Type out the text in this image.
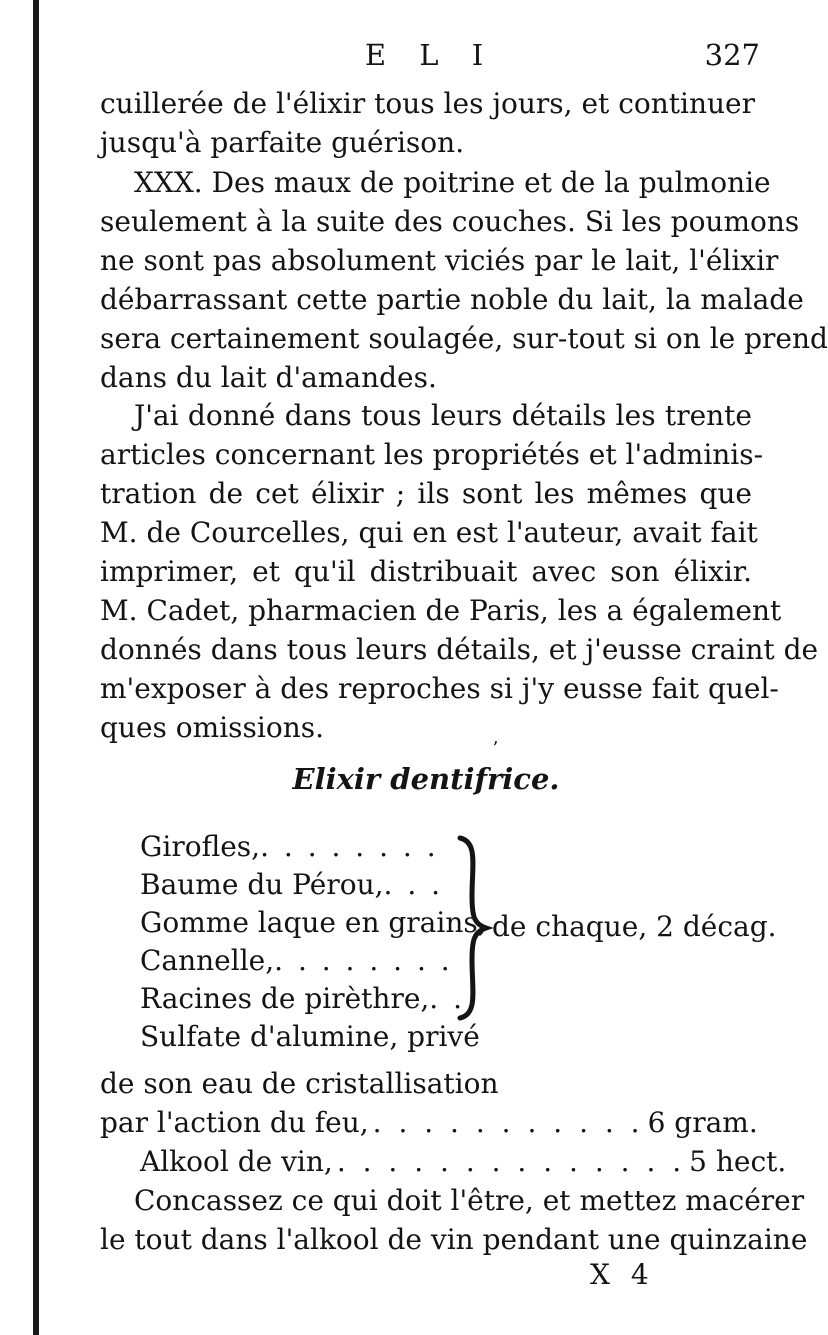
E L I	327
cuillerée de l'élixir tous les jours, et continuer
jusqu'à parfaite guérison.
XXX. Des maux de poitrine et de la pulmonie
seulement à la suite des couches. Si les poumons
ne sont pas absolument viciés par le lait, l'élixir
débarrassant cette partie noble du lait, la malade
sera certainement soulagée, sur-tout si on le prend
dans du lait d'amandes.
J'ai donné dans tous leurs détails les trente
articles concernant les propriétés et l'adminis-
tration de cet élixir ; ils sont les mêmes que
M. de Courcelles, qui en est l'auteur, avait fait
imprimer, et qu'il distribuait avec son élixir.
M. Cadet, pharmacien de Paris, les a également
donnés dans tous leurs détails, et j'eusse craint de
m'exposer à des reproches si j'y eusse fait quel-
ques omissions.
ʼ
Elixir dentifrice.
Girofles, . . . . . . . .
Baume du Pérou, . . .
Gomme laque en grains,
Cannelle, . . . . . . . .
Racines de pirèthre, . .
Sulfate d'alumine, privé
de chaque, 2 décag.
de son eau de cristallisation
par l'action du feu, . . . . . . . . . . . 6 gram.
Alkool de vin, . . . . . . . . . . . . . . 5 hect.
Concassez ce qui doit l'être, et mettez macérer
le tout dans l'alkool de vin pendant une quinzaine
X 4
